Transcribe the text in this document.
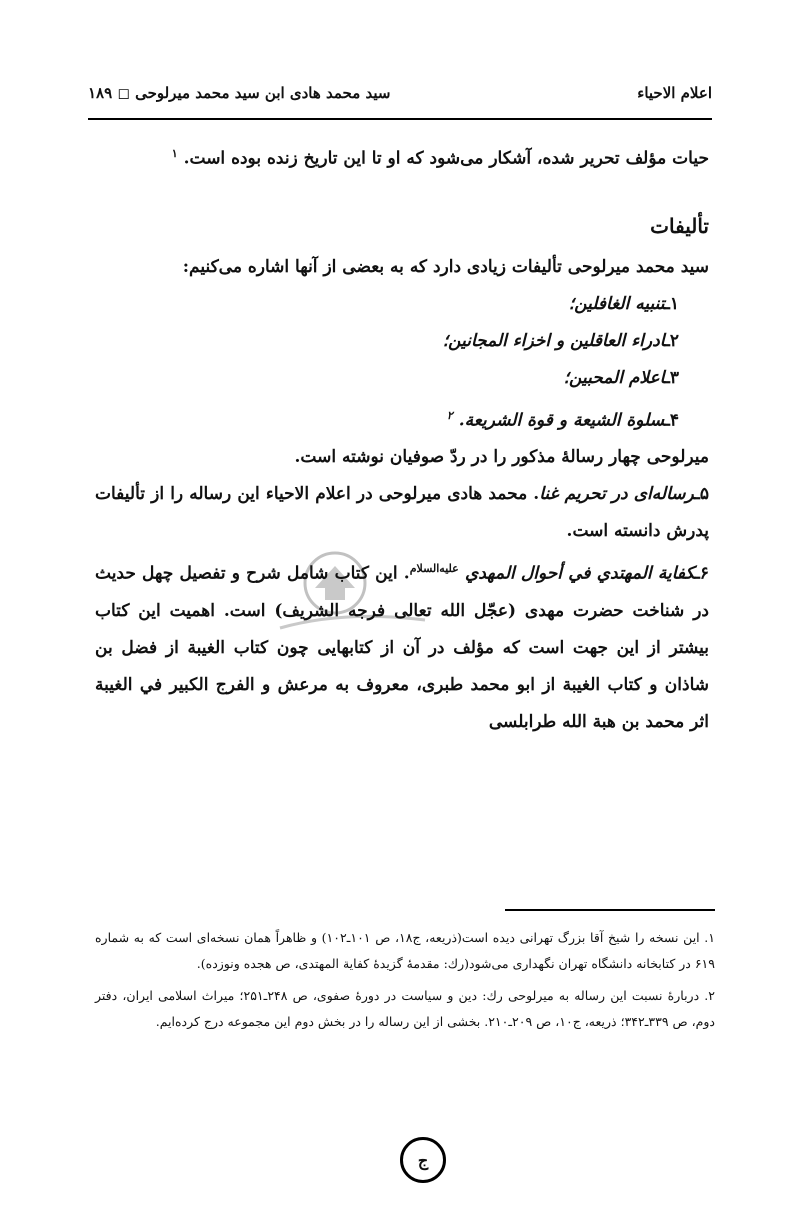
اعلام الاحیاء
سید محمد هادی ابن سید محمد میرلوحی ◻ ۱۸۹

حیات مؤلف تحریر شده، آشکار می‌شود که او تا این تاریخ زنده بوده است. $^۱$

تألیفات

سید محمد میرلوحی تألیفات زیادی دارد که به بعضی از آنها اشاره می‌کنیم:

۱ـتنبیه الغافلین؛

۲ـادراء العاقلین و اخزاء المجانین؛

۳ـاعلام المحبین؛

۴ـسلوة الشیعة و قوة الشریعة. $^۲$

میرلوحی چهار رسالهٔ مذکور را در ردّ صوفیان نوشته است.

۵ـرساله‌ای در تحریم غنا. محمد هادی میرلوحی در اعلام الاحیاء این رساله را از تألیفات پدرش دانسته است.

۶ـکفایة المهتدي في أحوال المهدي $^{عليه‌السلام}$. این کتاب شامل شرح و تفصیل چهل حدیث در شناخت حضرت مهدی (عجّل الله تعالی فرجه الشریف) است. اهمیت این کتاب بیشتر از این جهت است که مؤلف در آن از کتابهایی چون کتاب الغیبة از فضل بن شاذان و کتاب الغیبة از ابو محمد طبری، معروف به مرعش و الفرج الکبیر في الغیبة اثر محمد بن هبة الله طرابلسی

۱. این نسخه را شیخ آقا بزرگ تهرانی دیده است(ذریعه، ج۱۸، ص ۱۰۱ـ۱۰۲) و ظاهراً همان نسخه‌ای است که به شماره ۶۱۹ در کتابخانه دانشگاه تهران نگهداری می‌شود(رك: مقدمهٔ گزیدهٔ کفایة المهتدی، ص هجده ونوزده).

۲. دربارهٔ نسبت این رساله به میرلوحی رك: دین و سیاست در دورهٔ صفوی، ص ۲۴۸ـ۲۵۱؛ میراث اسلامی ایران، دفتر دوم، ص ۳۳۹ـ۳۴۲؛ ذریعه، ج۱۰، ص ۲۰۹ـ۲۱۰. بخشی از این رساله را در بخش دوم این مجموعه درج کرده‌ایم.

ج
